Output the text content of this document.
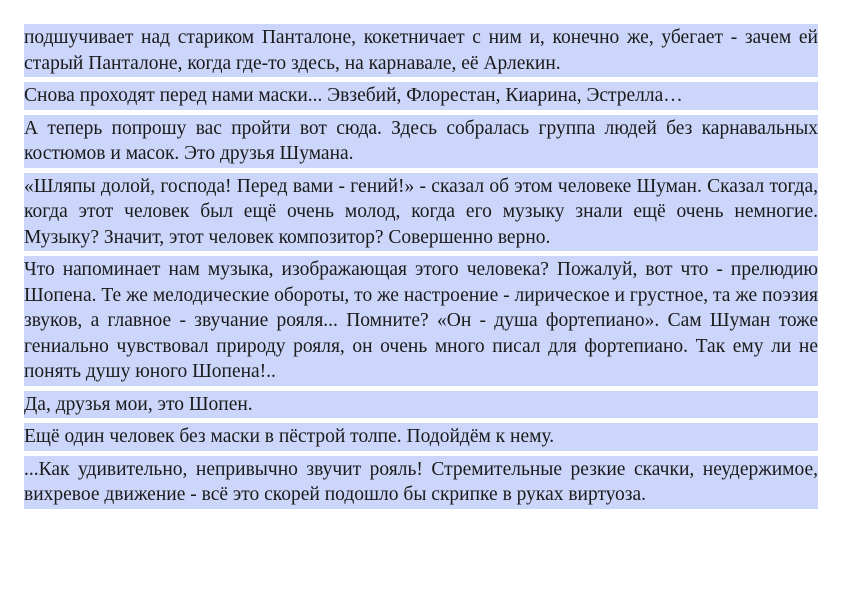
подшучивает над стариком Панталоне, кокетничает с ним и, конечно же, убегает - зачем ей старый Панталоне, когда где-то здесь, на карнавале, её Арлекин.

Снова проходят перед нами маски... Эвзебий, Флорестан, Киарина, Эстрелла…

А теперь попрошу вас пройти вот сюда. Здесь собралась группа людей без карнавальных костюмов и масок. Это друзья Шумана.

«Шляпы долой, господа! Перед вами - гений!» - сказал об этом человеке Шуман. Сказал тогда, когда этот человек был ещё очень молод, когда его музыку знали ещё очень немногие. Музыку? Значит, этот человек композитор? Совершенно верно.

Что напоминает нам музыка, изображающая этого человека? Пожалуй, вот что - прелюдию Шопена. Те же мелодические обороты, то же настроение - лирическое и грустное, та же поэзия звуков, а главное - звучание рояля... Помните? «Он - душа фортепиано». Сам Шуман тоже гениально чувствовал природу рояля, он очень много писал для фортепиано. Так ему ли не понять душу юного Шопена!..

Да, друзья мои, это Шопен.

Ещё один человек без маски в пёстрой толпе. Подойдём к нему.

...Как удивительно, непривычно звучит рояль! Стремительные резкие скачки, неудержимое, вихревое движение - всё это скорей подошло бы скрипке в руках виртуоза.
